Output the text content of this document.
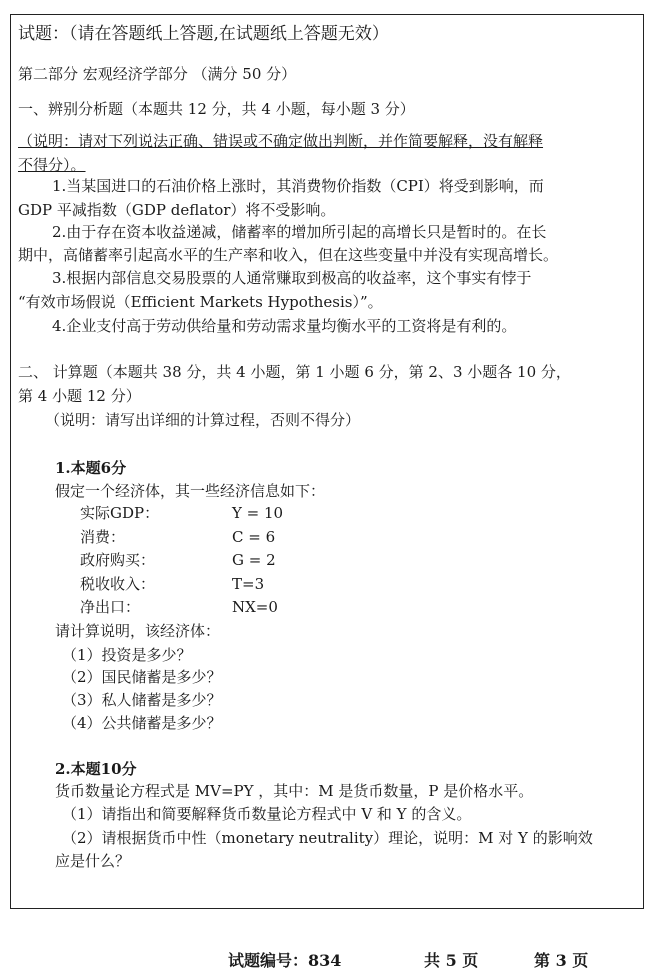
试题：（请在答题纸上答题,在试题纸上答题无效）
第二部分 宏观经济学部分 （满分 50 分）
一、辨别分析题（本题共 12 分，共 4 小题，每小题 3 分）
（说明：请对下列说法正确、错误或不确定做出判断，并作简要解释，没有解释
不得分）。
1.当某国进口的石油价格上涨时，其消费物价指数（CPI）将受到影响，而
GDP 平减指数（GDP deflator）将不受影响。
2.由于存在资本收益递减，储蓄率的增加所引起的高增长只是暂时的。在长
期中，高储蓄率引起高水平的生产率和收入，但在这些变量中并没有实现高增长。
3.根据内部信息交易股票的人通常赚取到极高的收益率，这个事实有悖于
“有效市场假说（Efficient Markets Hypothesis）”。
4.企业支付高于劳动供给量和劳动需求量均衡水平的工资将是有利的。
二、 计算题（本题共 38 分，共 4 小题，第 1 小题 6 分，第 2、3 小题各 10 分，
第 4 小题 12 分）
（说明：请写出详细的计算过程，否则不得分）
1.本题6分
假定一个经济体，其一些经济信息如下：
实际GDP：	Y = 10
消费：	C = 6
政府购买：	G = 2
税收收入：	T=3
净出口：	NX=0
请计算说明，该经济体：
（1）投资是多少？
（2）国民储蓄是多少？
（3）私人储蓄是多少？
（4）公共储蓄是多少？
2.本题10分
货币数量论方程式是 MV=PY ，其中：M 是货币数量，P 是价格水平。
（1）请指出和简要解释货币数量论方程式中 V 和 Y 的含义。
（2）请根据货币中性（monetary neutrality）理论，说明：M 对 Y 的影响效
应是什么？
试题编号：834	共 5 页	第 3 页
